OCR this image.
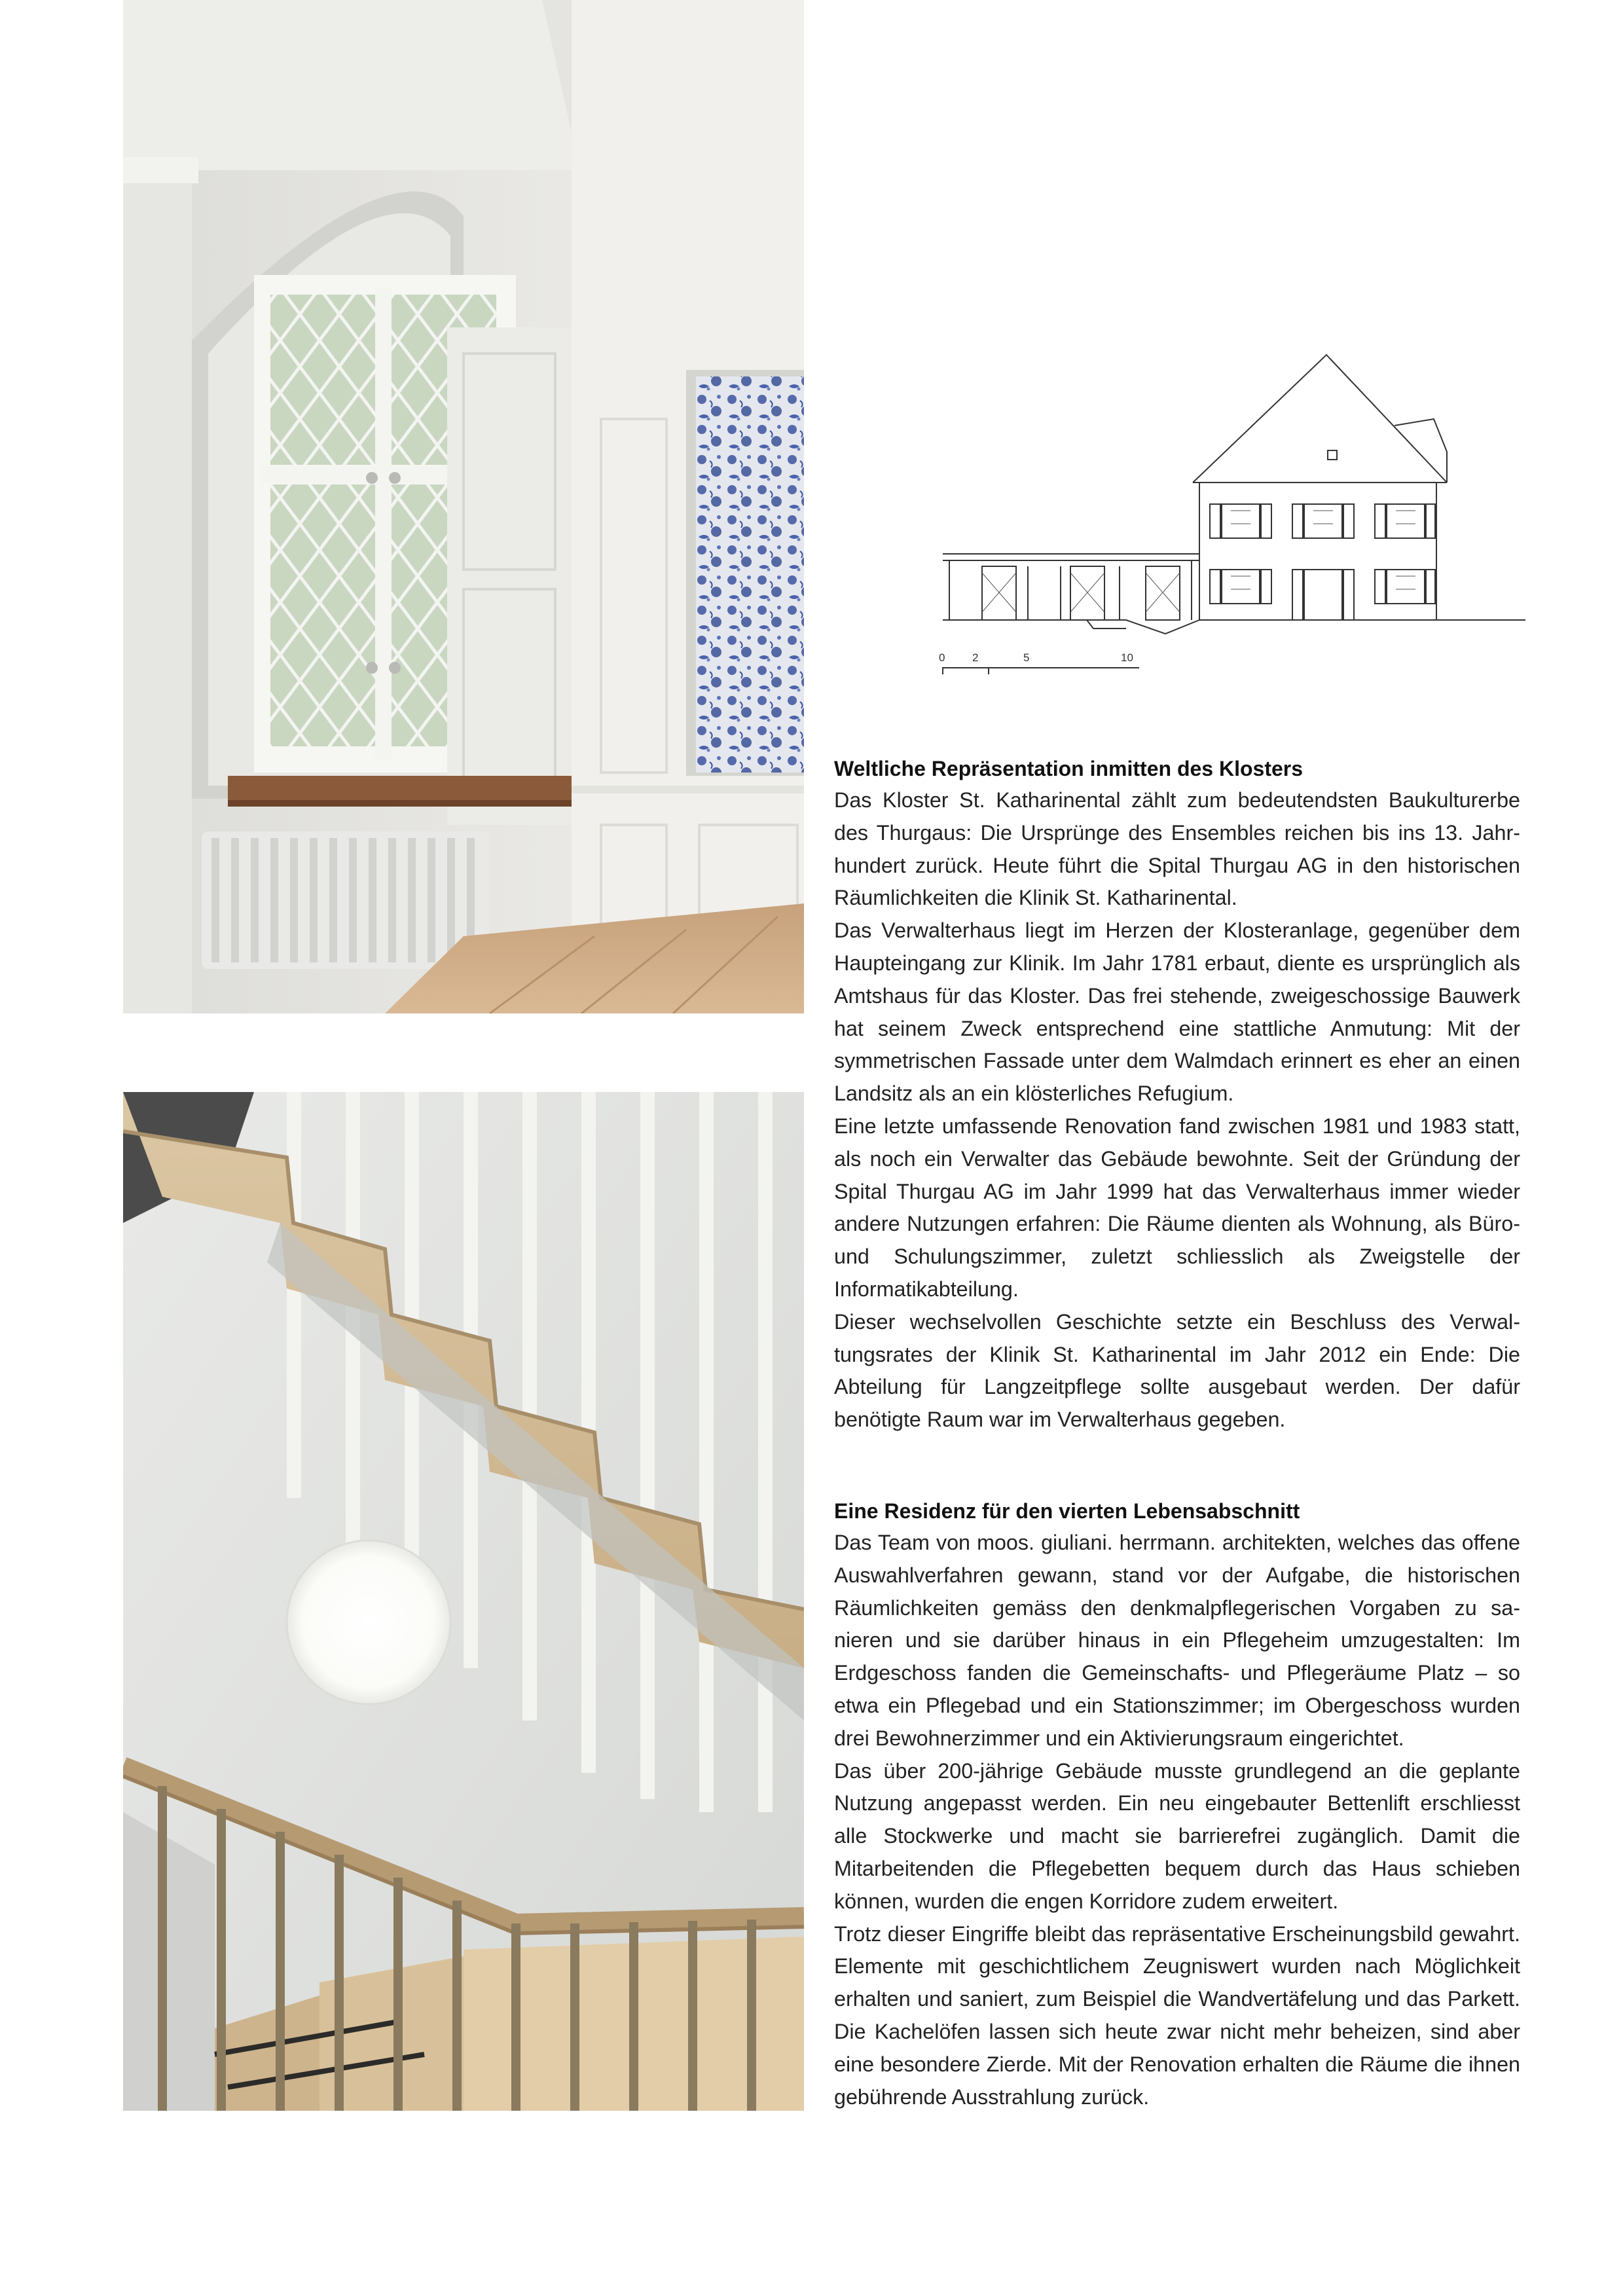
0 2	5	10
Weltliche Repräsentation inmitten des Klosters

Das Kloster St. Katharinental zählt zum bedeutendsten Baukulturerbe des Thurgaus: Die Ursprünge des Ensembles reichen bis ins 13. Jahrhundert zurück. Heute führt die Spital Thurgau AG in den historischen Räumlichkeiten die Klinik St. Katharinental.

Das Verwalterhaus liegt im Herzen der Klosteranlage, gegenüber dem Haupteingang zur Klinik. Im Jahr 1781 erbaut, diente es ursprünglich als Amtshaus für das Kloster. Das frei stehende, zweigeschossige Bauwerk hat seinem Zweck entsprechend eine stattliche Anmutung: Mit der symmetrischen Fassade unter dem Walmdach erinnert es eher an einen Landsitz als an ein klösterliches Refugium.

Eine letzte umfassende Renovation fand zwischen 1981 und 1983 statt, als noch ein Verwalter das Gebäude bewohnte. Seit der Gründung der Spital Thurgau AG im Jahr 1999 hat das Verwalterhaus immer wieder andere Nutzungen erfahren: Die Räume dienten als Wohnung, als Büro- und Schulungszimmer, zuletzt schliesslich als Zweigstelle der Informatikabteilung.

Dieser wechselvollen Geschichte setzte ein Beschluss des Verwaltungsrates der Klinik St. Katharinental im Jahr 2012 ein Ende: Die Abteilung für Langzeitpflege sollte ausgebaut werden. Der dafür benötigte Raum war im Verwalterhaus gegeben.

Eine Residenz für den vierten Lebensabschnitt

Das Team von moos. giuliani. herrmann. architekten, welches das offene Auswahlverfahren gewann, stand vor der Aufgabe, die historischen Räumlichkeiten gemäss den denkmalpflegerischen Vorgaben zu sanieren und sie darüber hinaus in ein Pflegeheim umzugestalten: Im Erdgeschoss fanden die Gemeinschafts- und Pflegeräume Platz – so etwa ein Pflegebad und ein Stationszimmer; im Obergeschoss wurden drei Bewohnerzimmer und ein Aktivierungsraum eingerichtet.

Das über 200-jährige Gebäude musste grundlegend an die geplante Nutzung angepasst werden. Ein neu eingebauter Bettenlift erschliesst alle Stockwerke und macht sie barrierefrei zugänglich. Damit die Mitarbeitenden die Pflegebetten bequem durch das Haus schieben können, wurden die engen Korridore zudem erweitert.

Trotz dieser Eingriffe bleibt das repräsentative Erscheinungsbild gewahrt. Elemente mit geschichtlichem Zeugniswert wurden nach Möglichkeit erhalten und saniert, zum Beispiel die Wandvertäfelung und das Parkett. Die Kachelöfen lassen sich heute zwar nicht mehr beheizen, sind aber eine besondere Zierde. Mit der Renovation erhalten die Räume die ihnen gebührende Ausstrahlung zurück.
